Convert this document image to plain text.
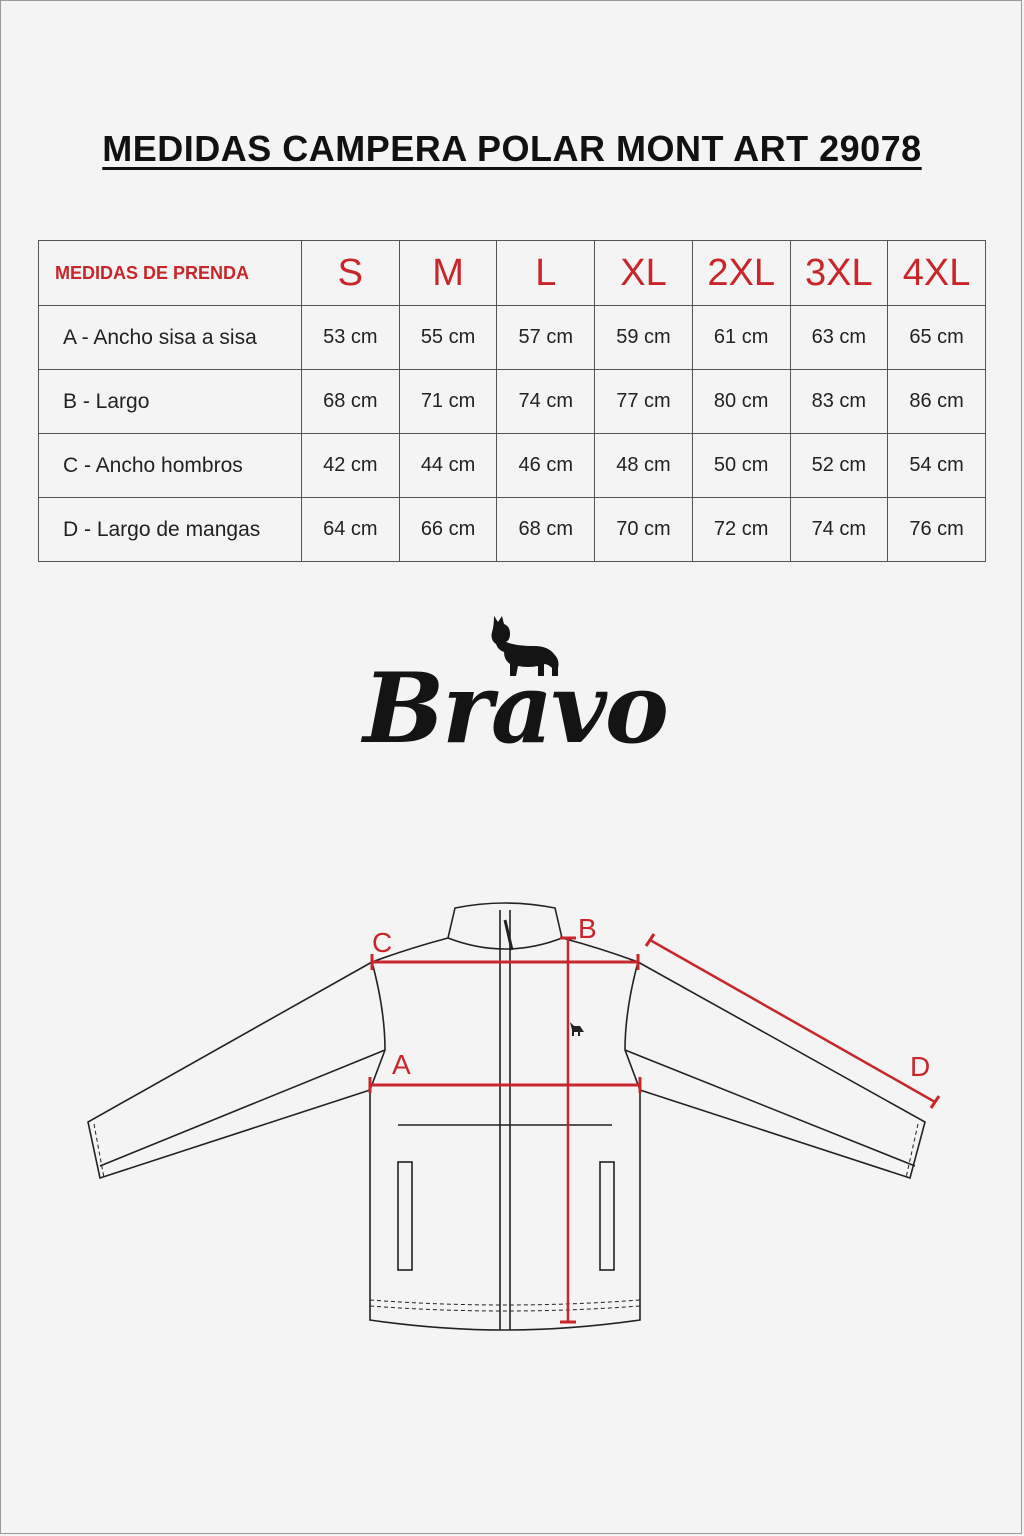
MEDIDAS CAMPERA POLAR MONT ART 29078
MEDIDAS DE PRENDA	S	M	L	XL	2XL	3XL	4XL
A - Ancho sisa a sisa	53 cm	55 cm	57 cm	59 cm	61 cm	63 cm	65 cm
B - Largo	68 cm	71 cm	74 cm	77 cm	80 cm	83 cm	86 cm
C - Ancho hombros	42 cm	44 cm	46 cm	48 cm	50 cm	52 cm	54 cm
D - Largo de mangas	64 cm	66 cm	68 cm	70 cm	72 cm	74 cm	76 cm
Bravo
C	B
A	D
